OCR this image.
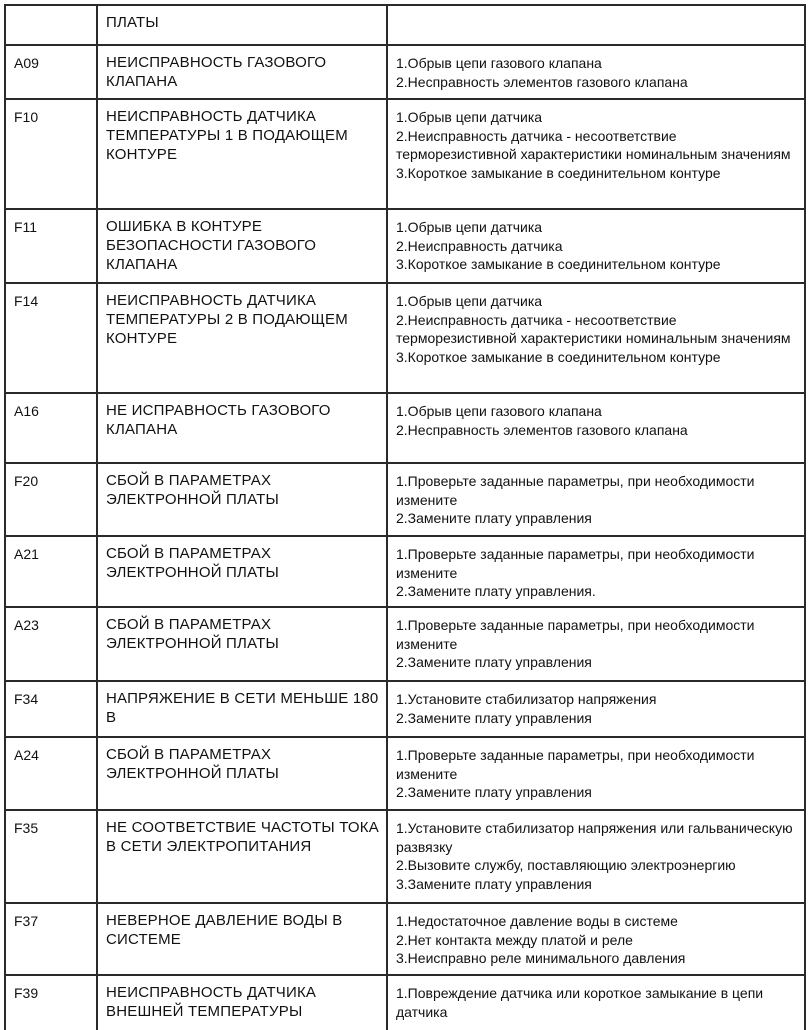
	ПЛАТЫ	
A09	НЕИСПРАВНОСТЬ ГАЗОВОГО КЛАПАНА	1.Обрыв цепи газового клапана
2.Несправность элементов газового клапана

F10	НЕИСПРАВНОСТЬ ДАТЧИКА ТЕМПЕРАТУРЫ 1 В ПОДАЮЩЕМ КОНТУРЕ	1.Обрыв цепи датчика
2.Неисправность датчика - несоответствие терморезистивной характеристики номинальным значениям
3.Короткое замыкание в соединительном контуре

F11	ОШИБКА В КОНТУРЕ БЕЗОПАСНОСТИ ГАЗОВОГО КЛАПАНА	1.Обрыв цепи датчика
2.Неисправность датчика
3.Короткое замыкание в соединительном контуре

F14	НЕИСПРАВНОСТЬ ДАТЧИКА ТЕМПЕРАТУРЫ 2 В ПОДАЮЩЕМ КОНТУРЕ	1.Обрыв цепи датчика
2.Неисправность датчика - несоответствие терморезистивной характеристики номинальным значениям
3.Короткое замыкание в соединительном контуре

A16	НЕ ИСПРАВНОСТЬ ГАЗОВОГО КЛАПАНА	1.Обрыв цепи газового клапана
2.Несправность элементов газового клапана

F20	СБОЙ В ПАРАМЕТРАХ ЭЛЕКТРОННОЙ ПЛАТЫ	1.Проверьте заданные параметры, при необходимости измените
2.Замените плату управления

A21	СБОЙ В ПАРАМЕТРАХ ЭЛЕКТРОННОЙ ПЛАТЫ	1.Проверьте заданные параметры, при необходимости измените
2.Замените плату управления.

A23	СБОЙ В ПАРАМЕТРАХ ЭЛЕКТРОННОЙ ПЛАТЫ	1.Проверьте заданные параметры, при необходимости измените
2.Замените плату управления

F34	НАПРЯЖЕНИЕ В СЕТИ МЕНЬШЕ 180 В	1.Установите стабилизатор напряжения
2.Замените плату управления

A24	СБОЙ В ПАРАМЕТРАХ ЭЛЕКТРОННОЙ ПЛАТЫ	1.Проверьте заданные параметры, при необходимости измените
2.Замените плату управления

F35	НЕ СООТВЕТСТВИЕ ЧАСТОТЫ ТОКА В СЕТИ ЭЛЕКТРОПИТАНИЯ	1.Установите стабилизатор напряжения или гальваническую развязку
2.Вызовите службу, поставляющию электроэнергию
3.Замените плату управления

F37	НЕВЕРНОЕ ДАВЛЕНИЕ ВОДЫ В СИСТЕМЕ	1.Недостаточное давление воды в системе
2.Нет контакта между платой и реле
3.Неисправно реле минимального давления

F39	НЕИСПРАВНОСТЬ ДАТЧИКА ВНЕШНЕЙ ТЕМПЕРАТУРЫ	1.Повреждение датчика или короткое замыкание в цепи датчика
